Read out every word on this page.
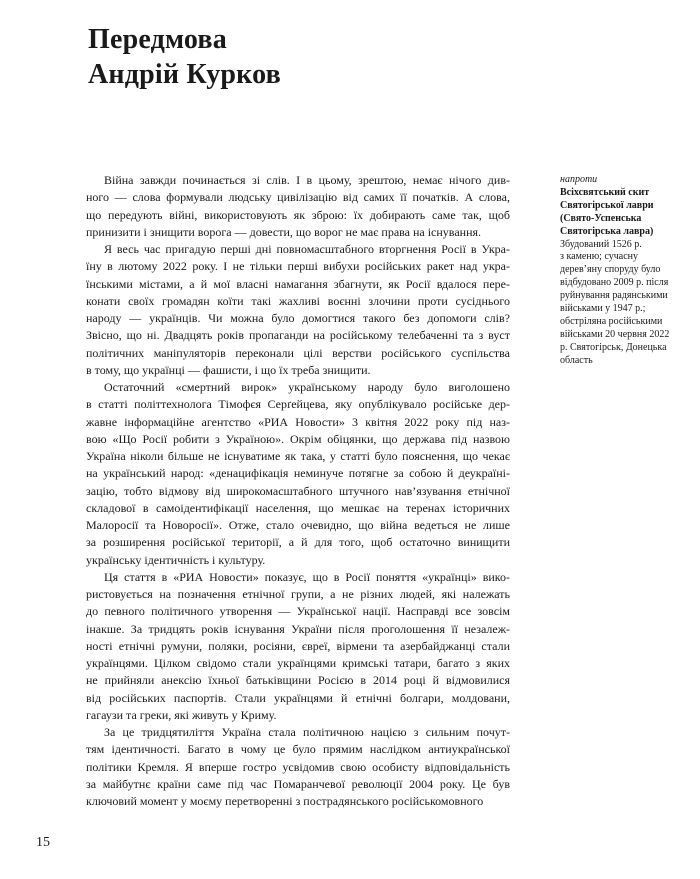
Передмова
Андрій Курков
Війна завжди починається зі слів. І в цьому, зрештою, немає нічого див-
ного — слова формували людську цивілізацію від самих її початків. А слова,
що передують війні, використовують як зброю: їх добирають саме так, щоб
принизити і знищити ворога — довести, що ворог не має права на існування.
Я весь час пригадую перші дні повномасштабного вторгнення Росії в Укра-
їну в лютому 2022 року. І не тільки перші вибухи російських ракет над укра-
їнськими містами, а й мої власні намагання збагнути, як Росії вдалося пере-
конати своїх громадян коїти такі жахливі воєнні злочини проти сусіднього
народу — українців. Чи можна було домогтися такого без допомоги слів?
Звісно, що ні. Двадцять років пропаганди на російському телебаченні та з вуст
політичних маніпуляторів переконали цілі верстви російського суспільства
в тому, що українці — фашисти, і що їх треба знищити.
Остаточний «смертний вирок» українському народу було виголошено
в статті політтехнолога Тімофєя Серґейцева, яку опублікувало російське дер-
жавне інформаційне агентство «РИА Новости» 3 квітня 2022 року під наз-
вою «Що Росії робити з Україною». Окрім обіцянки, що держава під назвою
Україна ніколи більше не існуватиме як така, у статті було пояснення, що чекає
на український народ: «денацифікація неминуче потягне за собою й деукраїні-
зацію, тобто відмову від широкомасштабного штучного нав’язування етнічної
складової в самоідентифікації населення, що мешкає на теренах історичних
Малоросії та Новоросії». Отже, стало очевидно, що війна ведеться не лише
за розширення російської території, а й для того, щоб остаточно винищити
українську ідентичність і культуру.
Ця стаття в «РИА Новости» показує, що в Росії поняття «українці» вико-
ристовується на позначення етнічної групи, а не різних людей, які належать
до певного політичного утворення — Української нації. Насправді все зовсім
інакше. За тридцять років існування України після проголошення її незалеж-
ності етнічні румуни, поляки, росіяни, євреї, вірмени та азербайджанці стали
українцями. Цілком свідомо стали українцями кримські татари, багато з яких
не прийняли анексію їхньої батьківщини Росією в 2014 році й відмовилися
від російських паспортів. Стали українцями й етнічні болгари, молдовани,
гагаузи та греки, які живуть у Криму.
За це тридцятиліття Україна стала політичною нацією з сильним почут-
тям ідентичності. Багато в чому це було прямим наслідком антиукраїнської
політики Кремля. Я вперше гостро усвідомив свою особисту відповідальність
за майбутнє країни саме під час Помаранчевої революції 2004 року. Це був
ключовий момент у моєму перетворенні з пострадянського російськомовного
напроти
Всіхсвятський скит
Святогірської лаври
(Свято-Успенська
Святогірська лавра)
Збудований 1526 р.
з каменю; сучасну
дерев’яну споруду було
відбудовано 2009 р. після
руйнування радянськими
військами у 1947 р.;
обстріляна російськими
військами 20 червня 2022
р. Святогірськ, Донецька
область
15
